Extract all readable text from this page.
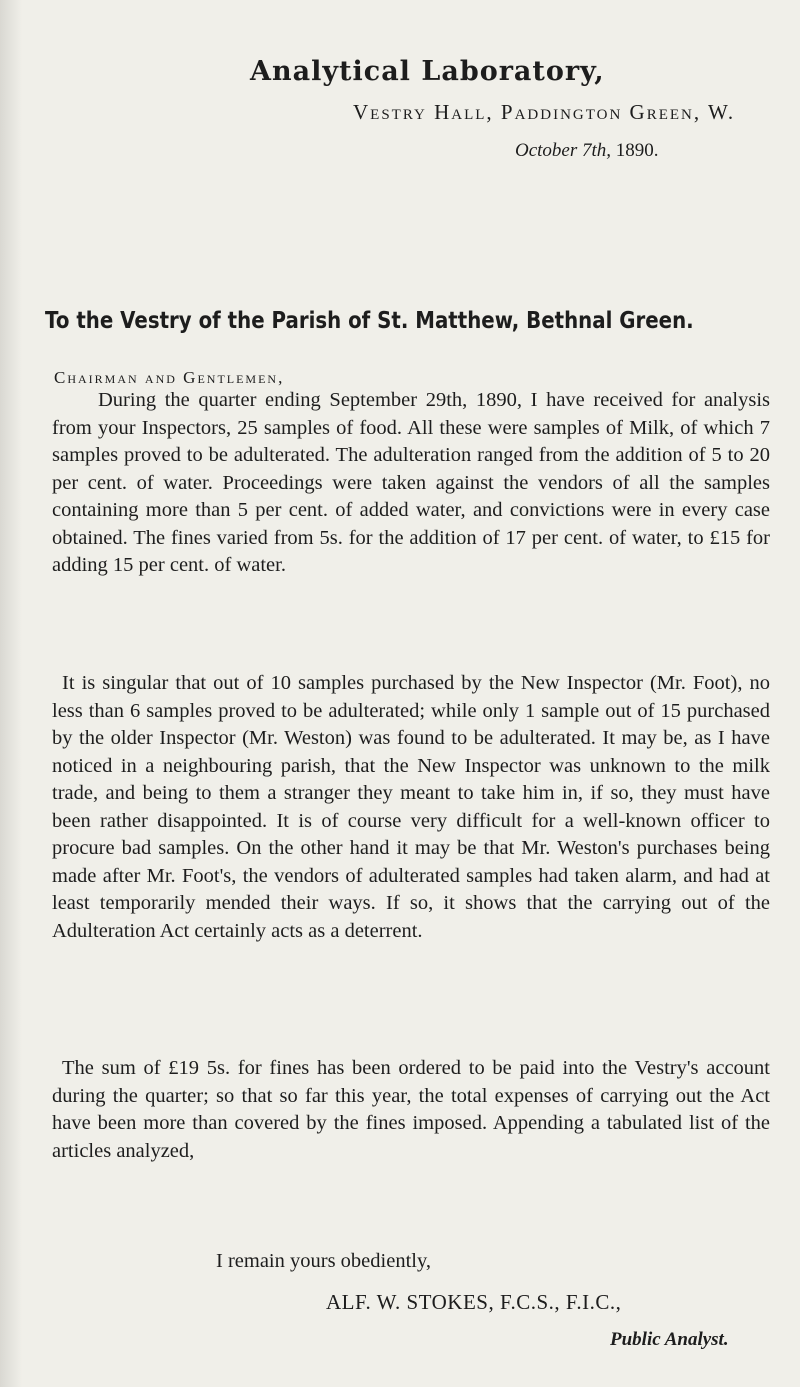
Analytical Laboratory,
Vestry Hall, Paddington Green, W.
October 7th, 1890.
To the Vestry of the Parish of St. Matthew, Bethnal Green.
Chairman and Gentlemen,

During the quarter ending September 29th, 1890, I have received for analysis from your Inspectors, 25 samples of food. All these were samples of Milk, of which 7 samples proved to be adulterated. The adulteration ranged from the addition of 5 to 20 per cent. of water. Proceedings were taken against the vendors of all the samples containing more than 5 per cent. of added water, and convictions were in every case obtained. The fines varied from 5s. for the addition of 17 per cent. of water, to £15 for adding 15 per cent. of water.

It is singular that out of 10 samples purchased by the New Inspector (Mr. Foot), no less than 6 samples proved to be adulterated; while only 1 sample out of 15 purchased by the older Inspector (Mr. Weston) was found to be adulterated. It may be, as I have noticed in a neighbouring parish, that the New Inspector was unknown to the milk trade, and being to them a stranger they meant to take him in, if so, they must have been rather disappointed. It is of course very difficult for a well-known officer to procure bad samples. On the other hand it may be that Mr. Weston's purchases being made after Mr. Foot's, the vendors of adulterated samples had taken alarm, and had at least temporarily mended their ways. If so, it shows that the carrying out of the Adulteration Act certainly acts as a deterrent.

The sum of £19 5s. for fines has been ordered to be paid into the Vestry's account during the quarter; so that so far this year, the total expenses of carrying out the Act have been more than covered by the fines imposed. Appending a tabulated list of the articles analyzed,

I remain yours obediently,
ALF. W. STOKES, F.C.S., F.I.C.,
Public Analyst.
